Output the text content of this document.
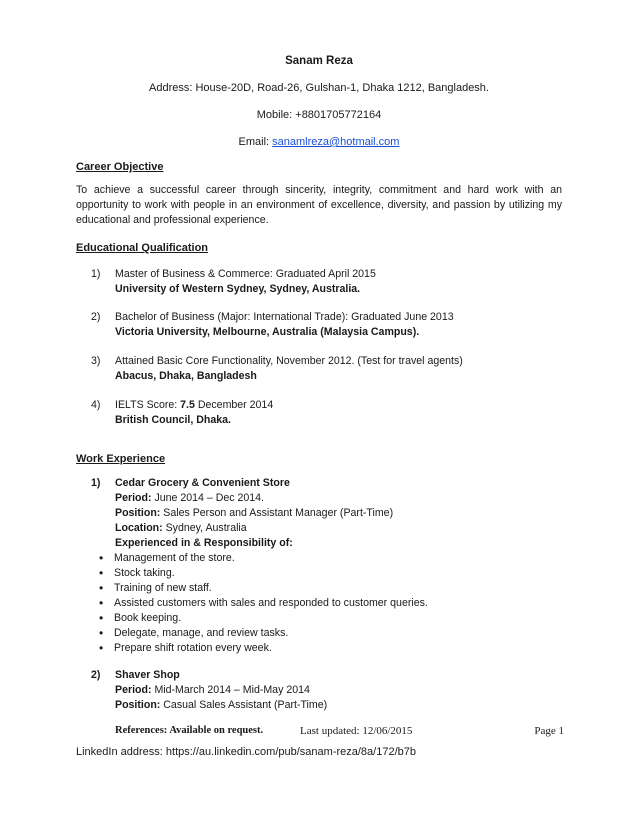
Sanam Reza
Address: House-20D, Road-26, Gulshan-1, Dhaka 1212, Bangladesh.
Mobile: +8801705772164
Email: sanamlreza@hotmail.com
Career Objective
To achieve a successful career through sincerity, integrity, commitment and hard work with an opportunity to work with people in an environment of excellence, diversity, and passion by utilizing my educational and professional experience.
Educational Qualification
1) Master of Business & Commerce: Graduated April 2015
University of Western Sydney, Sydney, Australia.
2) Bachelor of Business (Major: International Trade): Graduated June 2013
Victoria University, Melbourne, Australia (Malaysia Campus).
3) Attained Basic Core Functionality, November 2012. (Test for travel agents)
Abacus, Dhaka, Bangladesh
4) IELTS Score: 7.5 December 2014
British Council, Dhaka.
Work Experience
1) Cedar Grocery & Convenient Store
Period: June 2014 – Dec 2014.
Position: Sales Person and Assistant Manager (Part-Time)
Location: Sydney, Australia
Experienced in & Responsibility of:
• Management of the store.
• Stock taking.
• Training of new staff.
• Assisted customers with sales and responded to customer queries.
• Book keeping.
• Delegate, manage, and review tasks.
• Prepare shift rotation every week.
2) Shaver Shop
Period: Mid-March 2014 – Mid-May 2014
Position: Casual Sales Assistant (Part-Time)
References: Available on request.	Last updated: 12/06/2015	Page 1
LinkedIn address: https://au.linkedin.com/pub/sanam-reza/8a/172/b7b
